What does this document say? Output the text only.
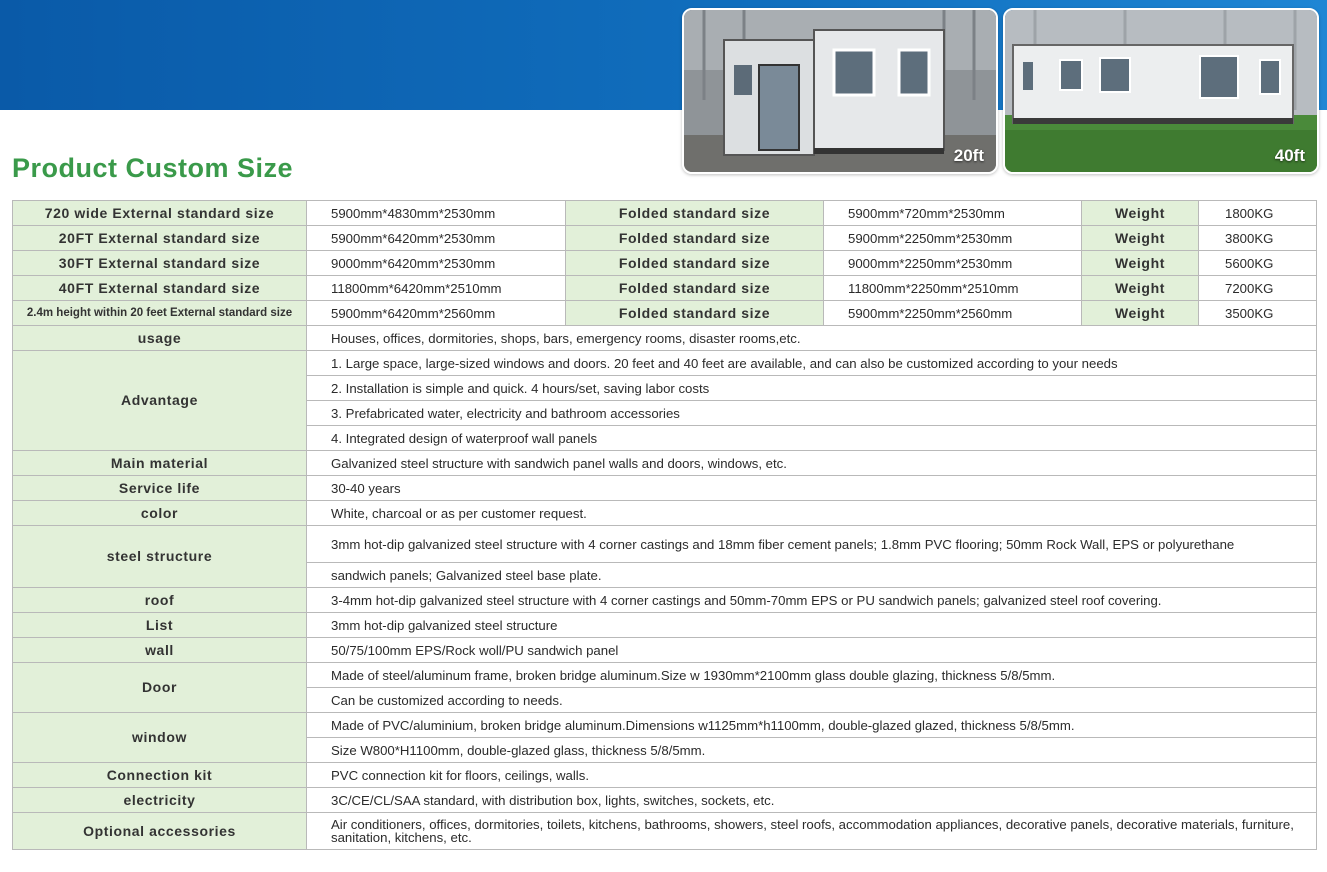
20ft	40ft
Product Custom Size
720 wide External standard size	5900mm*4830mm*2530mm	Folded standard size	5900mm*720mm*2530mm	Weight	1800KG
20FT External standard size	5900mm*6420mm*2530mm	Folded standard size	5900mm*2250mm*2530mm	Weight	3800KG
30FT External standard size	9000mm*6420mm*2530mm	Folded standard size	9000mm*2250mm*2530mm	Weight	5600KG
40FT External standard size	11800mm*6420mm*2510mm	Folded standard size	11800mm*2250mm*2510mm	Weight	7200KG
2.4m height within 20 feet External standard size	5900mm*6420mm*2560mm	Folded standard size	5900mm*2250mm*2560mm	Weight	3500KG
usage	Houses, offices, dormitories, shops, bars, emergency rooms, disaster rooms,etc.				
Advantage	1. Large space, large-sized windows and doors. 20 feet and 40 feet are available, and can also be customized according to your needs				
	2. Installation is simple and quick. 4 hours/set, saving labor costs				
	3. Prefabricated water, electricity and bathroom accessories				
	4. Integrated design of waterproof wall panels				
Main material	Galvanized steel structure with sandwich panel walls and doors, windows, etc.				
Service life	30-40 years				
color	White, charcoal or as per customer request.				
steel structure	3mm hot-dip galvanized steel structure with 4 corner castings and 18mm fiber cement panels; 1.8mm PVC flooring; 50mm Rock Wall, EPS or polyurethane				
	sandwich panels; Galvanized steel base plate.				
roof	3-4mm hot-dip galvanized steel structure with 4 corner castings and 50mm-70mm EPS or PU sandwich panels; galvanized steel roof covering.				
List	3mm hot-dip galvanized steel structure				
wall	50/75/100mm EPS/Rock woll/PU sandwich panel				
Door	Made of steel/aluminum frame, broken bridge aluminum.Size w 1930mm*2100mm glass double glazing, thickness 5/8/5mm.				
	Can be customized according to needs.				
window	Made of PVC/aluminium, broken bridge aluminum.Dimensions w1125mm*h1100mm, double-glazed glazed, thickness 5/8/5mm.				
	Size W800*H1100mm, double-glazed glass, thickness 5/8/5mm.				
Connection kit	PVC connection kit for floors, ceilings, walls.				
electricity	3C/CE/CL/SAA standard, with distribution box, lights, switches, sockets, etc.				
Optional accessories	Air conditioners, offices, dormitories, toilets, kitchens, bathrooms, showers, steel roofs, accommodation appliances, decorative panels, decorative materials, furniture, sanitation, kitchens, etc.				
